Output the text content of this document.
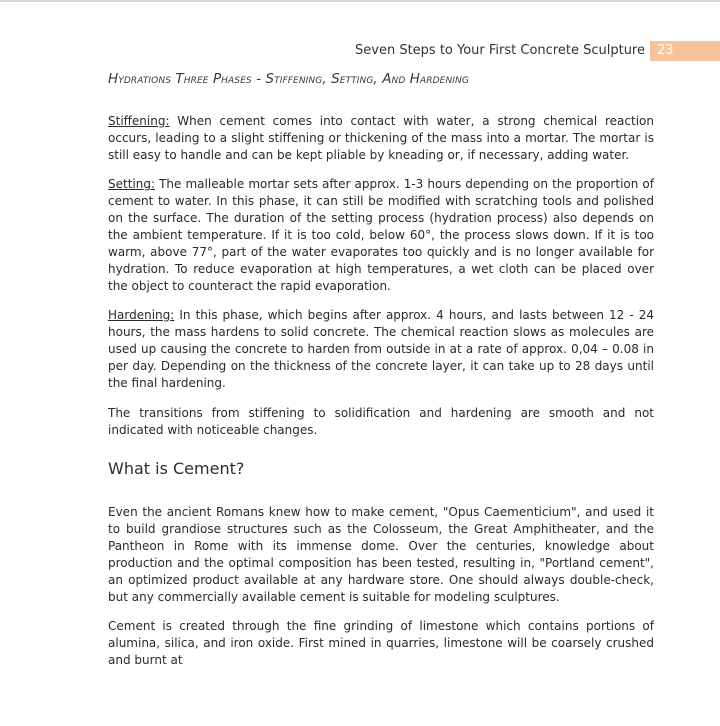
Seven Steps to Your First Concrete Sculpture 23
Hydrations Three Phases - Stiffening, Setting, And Hardening

Stiffening: When cement comes into contact with water, a strong chemical reaction occurs, leading to a slight stiffening or thickening of the mass into a mortar. The mortar is still easy to handle and can be kept pliable by kneading or, if necessary, adding water.

Setting: The malleable mortar sets after approx. 1-3 hours depending on the proportion of cement to water. In this phase, it can still be modified with scratching tools and polished on the surface. The duration of the setting process (hydration process) also depends on the ambient temperature. If it is too cold, below 60°, the process slows down. If it is too warm, above 77°, part of the water evaporates too quickly and is no longer available for hydration. To reduce evaporation at high temperatures, a wet cloth can be placed over the object to counteract the rapid evaporation.

Hardening: In this phase, which begins after approx. 4 hours, and lasts between 12 - 24 hours, the mass hardens to solid concrete. The chemical reaction slows as molecules are used up causing the concrete to harden from outside in at a rate of approx. 0,04 – 0.08 in per day. Depending on the thickness of the concrete layer, it can take up to 28 days until the final hardening.

The transitions from stiffening to solidification and hardening are smooth and not indicated with noticeable changes.

What is Cement?

Even the ancient Romans knew how to make cement, "Opus Caementicium", and used it to build grandiose structures such as the Colosseum, the Great Amphitheater, and the Pantheon in Rome with its immense dome. Over the centuries, knowledge about production and the optimal composition has been tested, resulting in, "Portland cement", an optimized product available at any hardware store. One should always double-check, but any commercially available cement is suitable for modeling sculptures.

Cement is created through the fine grinding of limestone which contains portions of alumina, silica, and iron oxide. First mined in quarries, limestone will be coarsely crushed and burnt at
